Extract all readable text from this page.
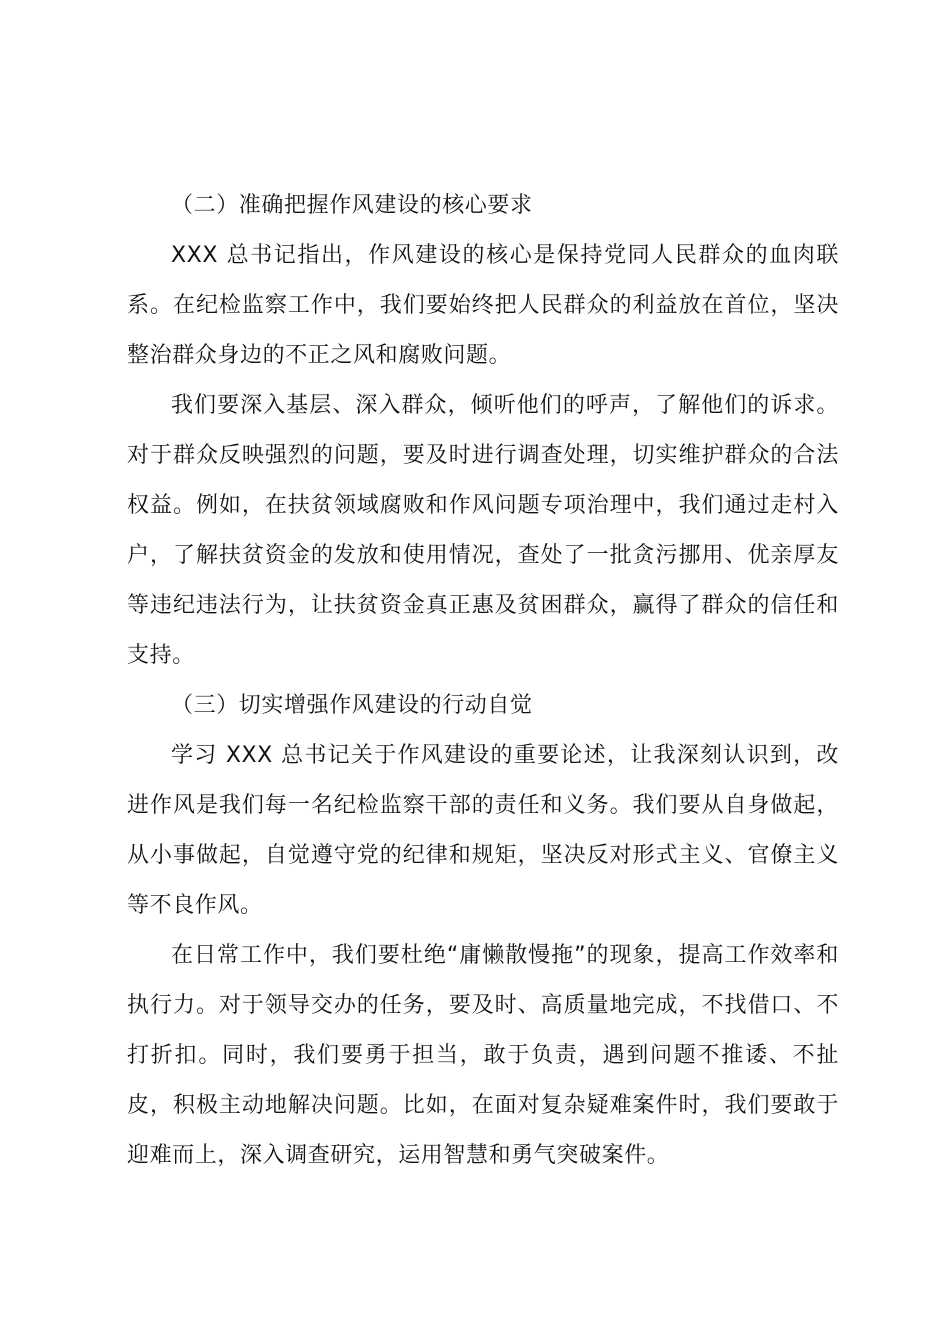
（二）准确把握作风建设的核心要求

XXX 总书记指出，作风建设的核心是保持党同人民群众的血肉联系。在纪检监察工作中，我们要始终把人民群众的利益放在首位，坚决整治群众身边的不正之风和腐败问题。

我们要深入基层、深入群众，倾听他们的呼声，了解他们的诉求。对于群众反映强烈的问题，要及时进行调查处理，切实维护群众的合法权益。例如，在扶贫领域腐败和作风问题专项治理中，我们通过走村入户，了解扶贫资金的发放和使用情况，查处了一批贪污挪用、优亲厚友等违纪违法行为，让扶贫资金真正惠及贫困群众，赢得了群众的信任和支持。

（三）切实增强作风建设的行动自觉

学习 XXX 总书记关于作风建设的重要论述，让我深刻认识到，改进作风是我们每一名纪检监察干部的责任和义务。我们要从自身做起，从小事做起，自觉遵守党的纪律和规矩，坚决反对形式主义、官僚主义等不良作风。

在日常工作中，我们要杜绝“庸懒散慢拖”的现象，提高工作效率和执行力。对于领导交办的任务，要及时、高质量地完成，不找借口、不打折扣。同时，我们要勇于担当，敢于负责，遇到问题不推诿、不扯皮，积极主动地解决问题。比如，在面对复杂疑难案件时，我们要敢于迎难而上，深入调查研究，运用智慧和勇气突破案件。
